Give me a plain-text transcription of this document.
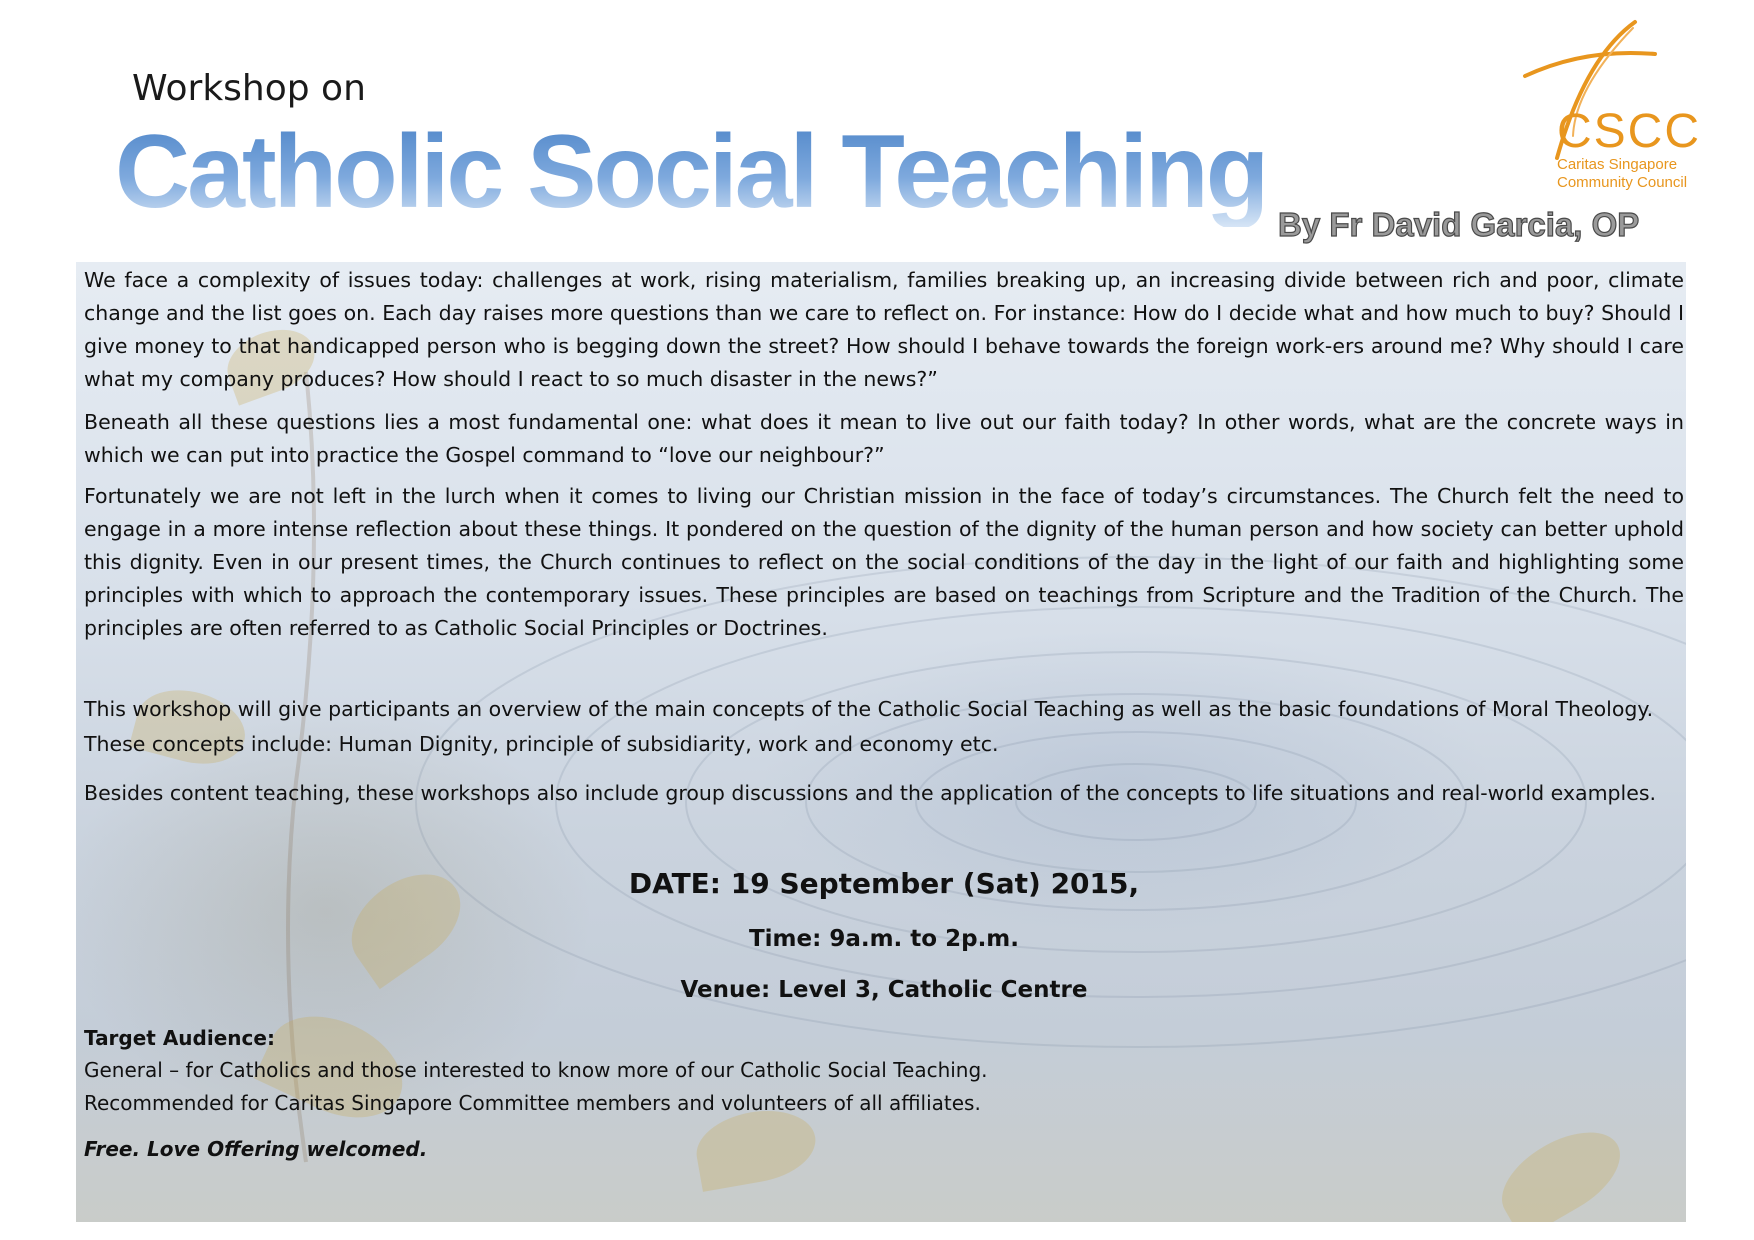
Workshop on
Catholic Social Teaching By Fr David Garcia, OP
CSCC
Caritas Singapore
Community Council

We face a complexity of issues today: challenges at work, rising materialism, families breaking up, an increasing divide between rich and poor, climate change and the list goes on. Each day raises more questions than we care to reflect on. For instance: How do I decide what and how much to buy? Should I give money to that handicapped person who is begging down the street? How should I behave towards the foreign work-ers around me? Why should I care what my company produces? How should I react to so much disaster in the news?”

Beneath all these questions lies a most fundamental one: what does it mean to live out our faith today? In other words, what are the concrete ways in which we can put into practice the Gospel command to “love our neighbour?”

Fortunately we are not left in the lurch when it comes to living our Christian mission in the face of today’s circumstances. The Church felt the need to engage in a more intense reflection about these things. It pondered on the question of the dignity of the human person and how society can better uphold this dignity. Even in our present times, the Church continues to reflect on the social conditions of the day in the light of our faith and highlighting some principles with which to approach the contemporary issues. These principles are based on teachings from Scripture and the Tradition of the Church. The principles are often referred to as Catholic Social Principles or Doctrines.

This workshop will give participants an overview of the main concepts of the Catholic Social Teaching as well as the basic foundations of Moral Theology. These concepts include: Human Dignity, principle of subsidiarity, work and economy etc.

Besides content teaching, these workshops also include group discussions and the application of the concepts to life situations and real-world examples.

DATE: 19 September (Sat) 2015,
Time: 9a.m. to 2p.m.
Venue: Level 3, Catholic Centre
Target Audience:
General – for Catholics and those interested to know more of our Catholic Social Teaching.
Recommended for Caritas Singapore Committee members and volunteers of all affiliates.
Free. Love Offering welcomed.
